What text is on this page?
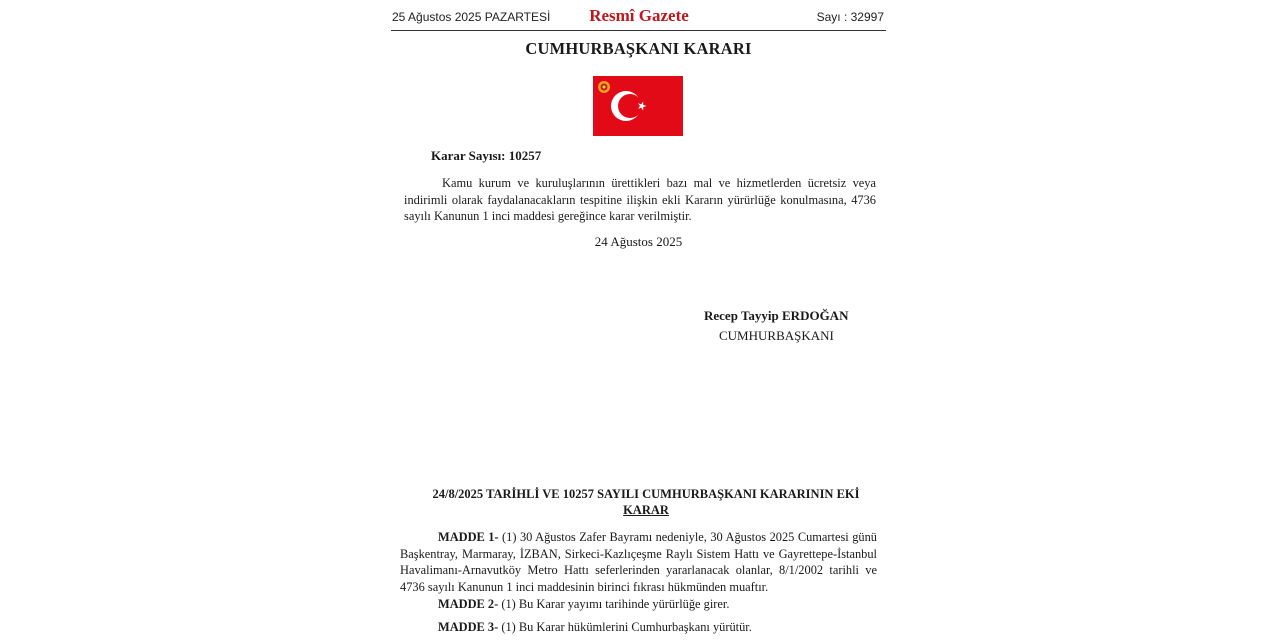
25 Ağustos 2025 PAZARTESİ	Resmî Gazete	Sayı : 32997
CUMHURBAŞKANI KARARI
Karar Sayısı: 10257
Kamu kurum ve kuruluşlarının ürettikleri bazı mal ve hizmetlerden ücretsiz veya indirimli olarak faydalanacakların tespitine ilişkin ekli Kararın yürürlüğe konulmasına, 4736 sayılı Kanunun 1 inci maddesi gereğince karar verilmiştir.
24 Ağustos 2025
Recep Tayyip ERDOĞAN
CUMHURBAŞKANI
24/8/2025 TARİHLİ VE 10257 SAYILI CUMHURBAŞKANI KARARININ EKİ
KARAR
MADDE 1- (1) 30 Ağustos Zafer Bayramı nedeniyle, 30 Ağustos 2025 Cumartesi günü Başkentray, Marmaray, İZBAN, Sirkeci-Kazlıçeşme Raylı Sistem Hattı ve Gayrettepe-İstanbul Havalimanı-Arnavutköy Metro Hattı seferlerinden yararlanacak olanlar, 8/1/2002 tarihli ve 4736 sayılı Kanunun 1 inci maddesinin birinci fıkrası hükmünden muaftır.
MADDE 2- (1) Bu Karar yayımı tarihinde yürürlüğe girer.
MADDE 3- (1) Bu Karar hükümlerini Cumhurbaşkanı yürütür.
